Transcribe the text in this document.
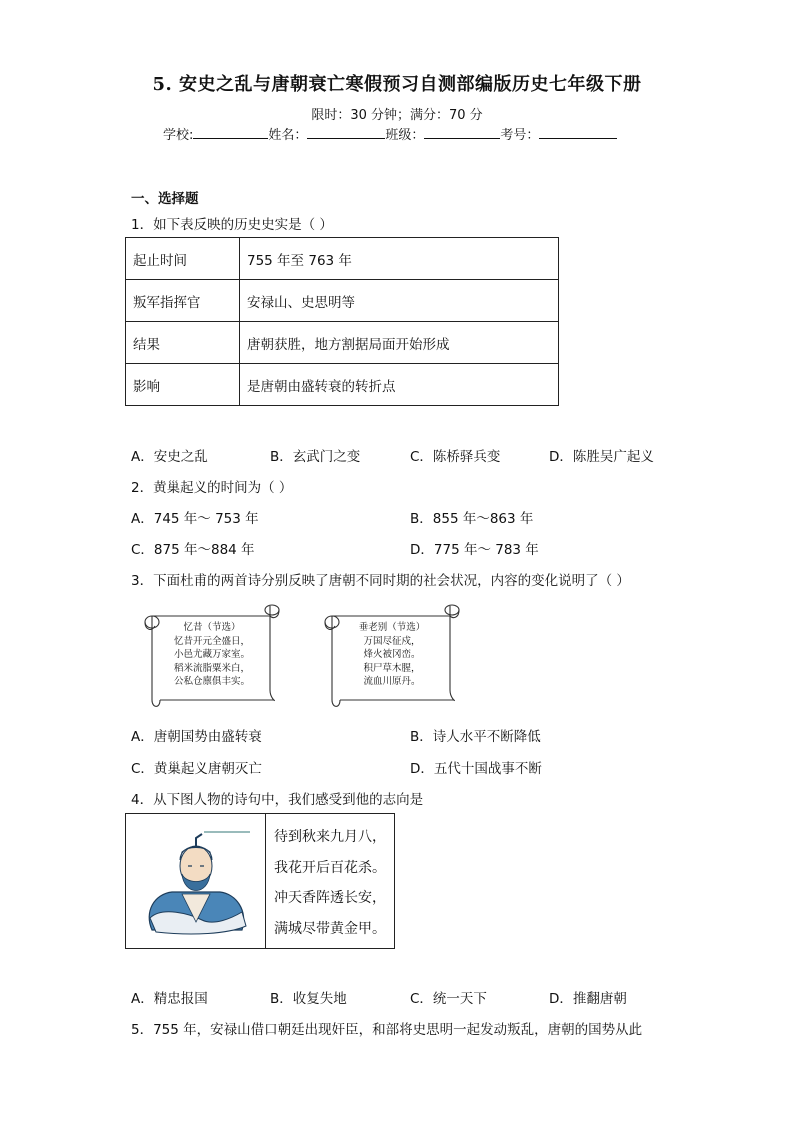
5. 安史之乱与唐朝衰亡寒假预习自测部编版历史七年级下册
限时：30 分钟；满分：70 分
学校:	姓名：	班级：	考号：
一、选择题
1．如下表反映的历史史实是（ ）
起止时间	755 年至 763 年
叛军指挥官	安禄山、史思明等
结果	唐朝获胜，地方割据局面开始形成
影响	是唐朝由盛转衰的转折点
A．安史之乱	B．玄武门之变	C．陈桥驿兵变	D．陈胜吴广起义
2．黄巢起义的时间为（ ）
A．745 年～ 753 年	B．855 年～863 年
C．875 年～884 年	D．775 年～ 783 年
3．下面杜甫的两首诗分别反映了唐朝不同时期的社会状况，内容的变化说明了（ ）
忆昔（节选）
忆昔开元全盛日，
小邑尤藏万家室。
稻米流脂粟米白，
公私仓廪俱丰实。
垂老别（节选）
万国尽征戍，
烽火被冈峦。
积尸草木腥，
流血川原丹。
A．唐朝国势由盛转衰	B．诗人水平不断降低
C．黄巢起义唐朝灭亡	D．五代十国战事不断
4．从下图人物的诗句中，我们感受到他的志向是
待到秋来九月八，
我花开后百花杀。
冲天香阵透长安，
满城尽带黄金甲。
A．精忠报国	B．收复失地	C．统一天下	D．推翻唐朝
5．755 年，安禄山借口朝廷出现奸臣，和部将史思明一起发动叛乱，唐朝的国势从此
